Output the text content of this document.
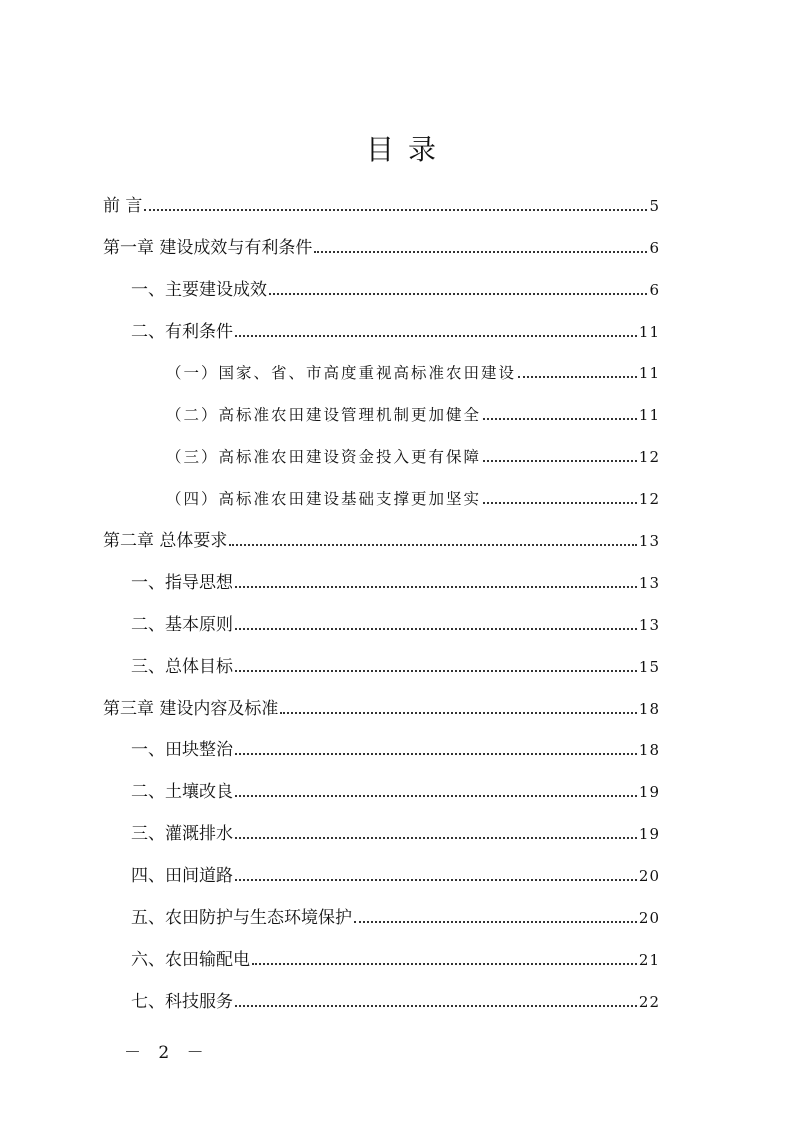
目录
前 言	5
第一章 建设成效与有利条件	6
一、主要建设成效	6
二、有利条件	11
（一）国家、省、市高度重视高标准农田建设	11
（二）高标准农田建设管理机制更加健全	11
（三）高标准农田建设资金投入更有保障	12
（四）高标准农田建设基础支撑更加坚实	12
第二章 总体要求	13
一、指导思想	13
二、基本原则	13
三、总体目标	15
第三章 建设内容及标准	18
一、田块整治	18
二、土壤改良	19
三、灌溉排水	19
四、田间道路	20
五、农田防护与生态环境保护	20
六、农田输配电	21
七、科技服务	22
－ 2 －
